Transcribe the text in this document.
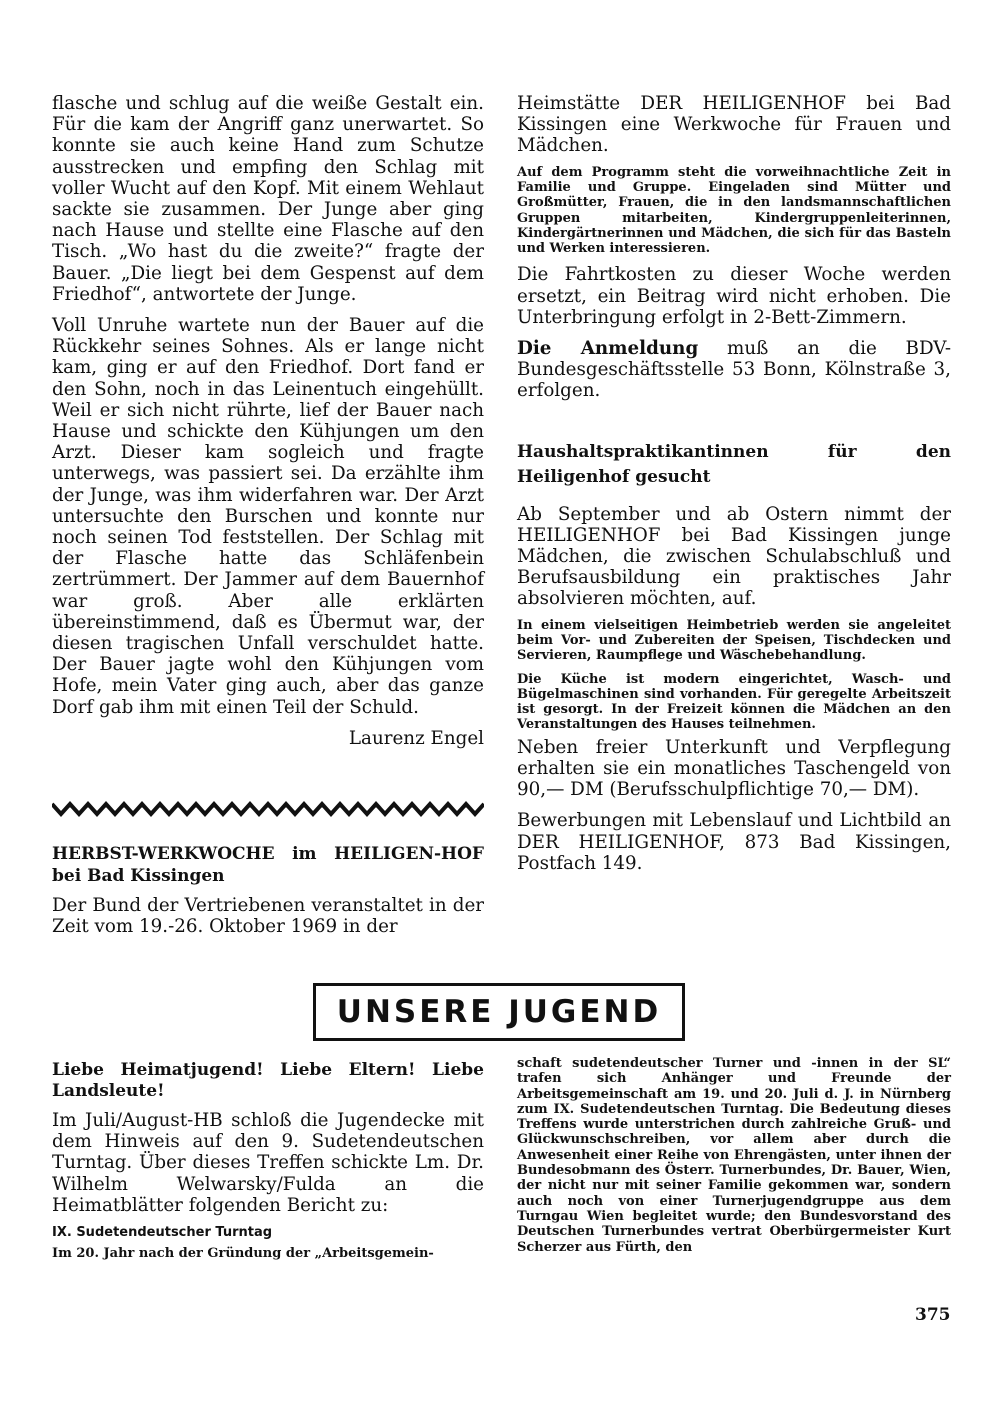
flasche und schlug auf die weiße Gestalt ein. Für die kam der Angriff ganz unerwartet. So konnte sie auch keine Hand zum Schutze ausstrecken und empfing den Schlag mit voller Wucht auf den Kopf. Mit einem Wehlaut sackte sie zusammen. Der Junge aber ging nach Hause und stellte eine Flasche auf den Tisch. „Wo hast du die zweite?“ fragte der Bauer. „Die liegt bei dem Gespenst auf dem Friedhof“, antwortete der Junge.

Voll Unruhe wartete nun der Bauer auf die Rückkehr seines Sohnes. Als er lange nicht kam, ging er auf den Friedhof. Dort fand er den Sohn, noch in das Leinentuch eingehüllt. Weil er sich nicht rührte, lief der Bauer nach Hause und schickte den Kühjungen um den Arzt. Dieser kam sogleich und fragte unterwegs, was passiert sei. Da erzählte ihm der Junge, was ihm widerfahren war. Der Arzt untersuchte den Burschen und konnte nur noch seinen Tod feststellen. Der Schlag mit der Flasche hatte das Schläfenbein zertrümmert. Der Jammer auf dem Bauernhof war groß. Aber alle erklärten übereinstimmend, daß es Übermut war, der diesen tragischen Unfall verschuldet hatte. Der Bauer jagte wohl den Kühjungen vom Hofe, mein Vater ging auch, aber das ganze Dorf gab ihm mit einen Teil der Schuld.

Laurenz Engel

HERBST-WERKWOCHE im HEILIGEN-HOF bei Bad Kissingen

Der Bund der Vertriebenen veranstaltet in der Zeit vom 19.-26. Oktober 1969 in der

Heimstätte DER HEILIGENHOF bei Bad Kissingen eine Werkwoche für Frauen und Mädchen.

Auf dem Programm steht die vorweihnachtliche Zeit in Familie und Gruppe. Eingeladen sind Mütter und Großmütter, Frauen, die in den landsmannschaftlichen Gruppen mitarbeiten, Kindergruppenleiterinnen, Kindergärtnerinnen und Mädchen, die sich für das Basteln und Werken interessieren.

Die Fahrtkosten zu dieser Woche werden ersetzt, ein Beitrag wird nicht erhoben. Die Unterbringung erfolgt in 2-Bett-Zimmern.

Die Anmeldung muß an die BDV-Bundesgeschäftsstelle 53 Bonn, Kölnstraße 3, erfolgen.

Haushaltspraktikantinnen für den Heiligenhof gesucht

Ab September und ab Ostern nimmt der HEILIGENHOF bei Bad Kissingen junge Mädchen, die zwischen Schulabschluß und Berufsausbildung ein praktisches Jahr absolvieren möchten, auf.

In einem vielseitigen Heimbetrieb werden sie angeleitet beim Vor- und Zubereiten der Speisen, Tischdecken und Servieren, Raumpflege und Wäschebehandlung.

Die Küche ist modern eingerichtet, Wasch- und Bügelmaschinen sind vorhanden. Für geregelte Arbeitszeit ist gesorgt. In der Freizeit können die Mädchen an den Veranstaltungen des Hauses teilnehmen.

Neben freier Unterkunft und Verpflegung erhalten sie ein monatliches Taschengeld von 90,— DM (Berufsschulpflichtige 70,— DM).

Bewerbungen mit Lebenslauf und Lichtbild an DER HEILIGENHOF, 873 Bad Kissingen, Postfach 149.

UNSERE JUGEND

Liebe Heimatjugend! Liebe Eltern! Liebe Landsleute!

Im Juli/August-HB schloß die Jugendecke mit dem Hinweis auf den 9. Sudetendeutschen Turntag. Über dieses Treffen schickte Lm. Dr. Wilhelm Welwarsky/Fulda an die Heimatblätter folgenden Bericht zu:

IX. Sudetendeutscher Turntag

Im 20. Jahr nach der Gründung der „Arbeitsgemein-

schaft sudetendeutscher Turner und -innen in der SL“ trafen sich Anhänger und Freunde der Arbeitsgemeinschaft am 19. und 20. Juli d. J. in Nürnberg zum IX. Sudetendeutschen Turntag. Die Bedeutung dieses Treffens wurde unterstrichen durch zahlreiche Gruß- und Glückwunschschreiben, vor allem aber durch die Anwesenheit einer Reihe von Ehrengästen, unter ihnen der Bundesobmann des Österr. Turnerbundes, Dr. Bauer, Wien, der nicht nur mit seiner Familie gekommen war, sondern auch noch von einer Turnerjugendgruppe aus dem Turngau Wien begleitet wurde; den Bundesvorstand des Deutschen Turnerbundes vertrat Oberbürgermeister Kurt Scherzer aus Fürth, den

375
